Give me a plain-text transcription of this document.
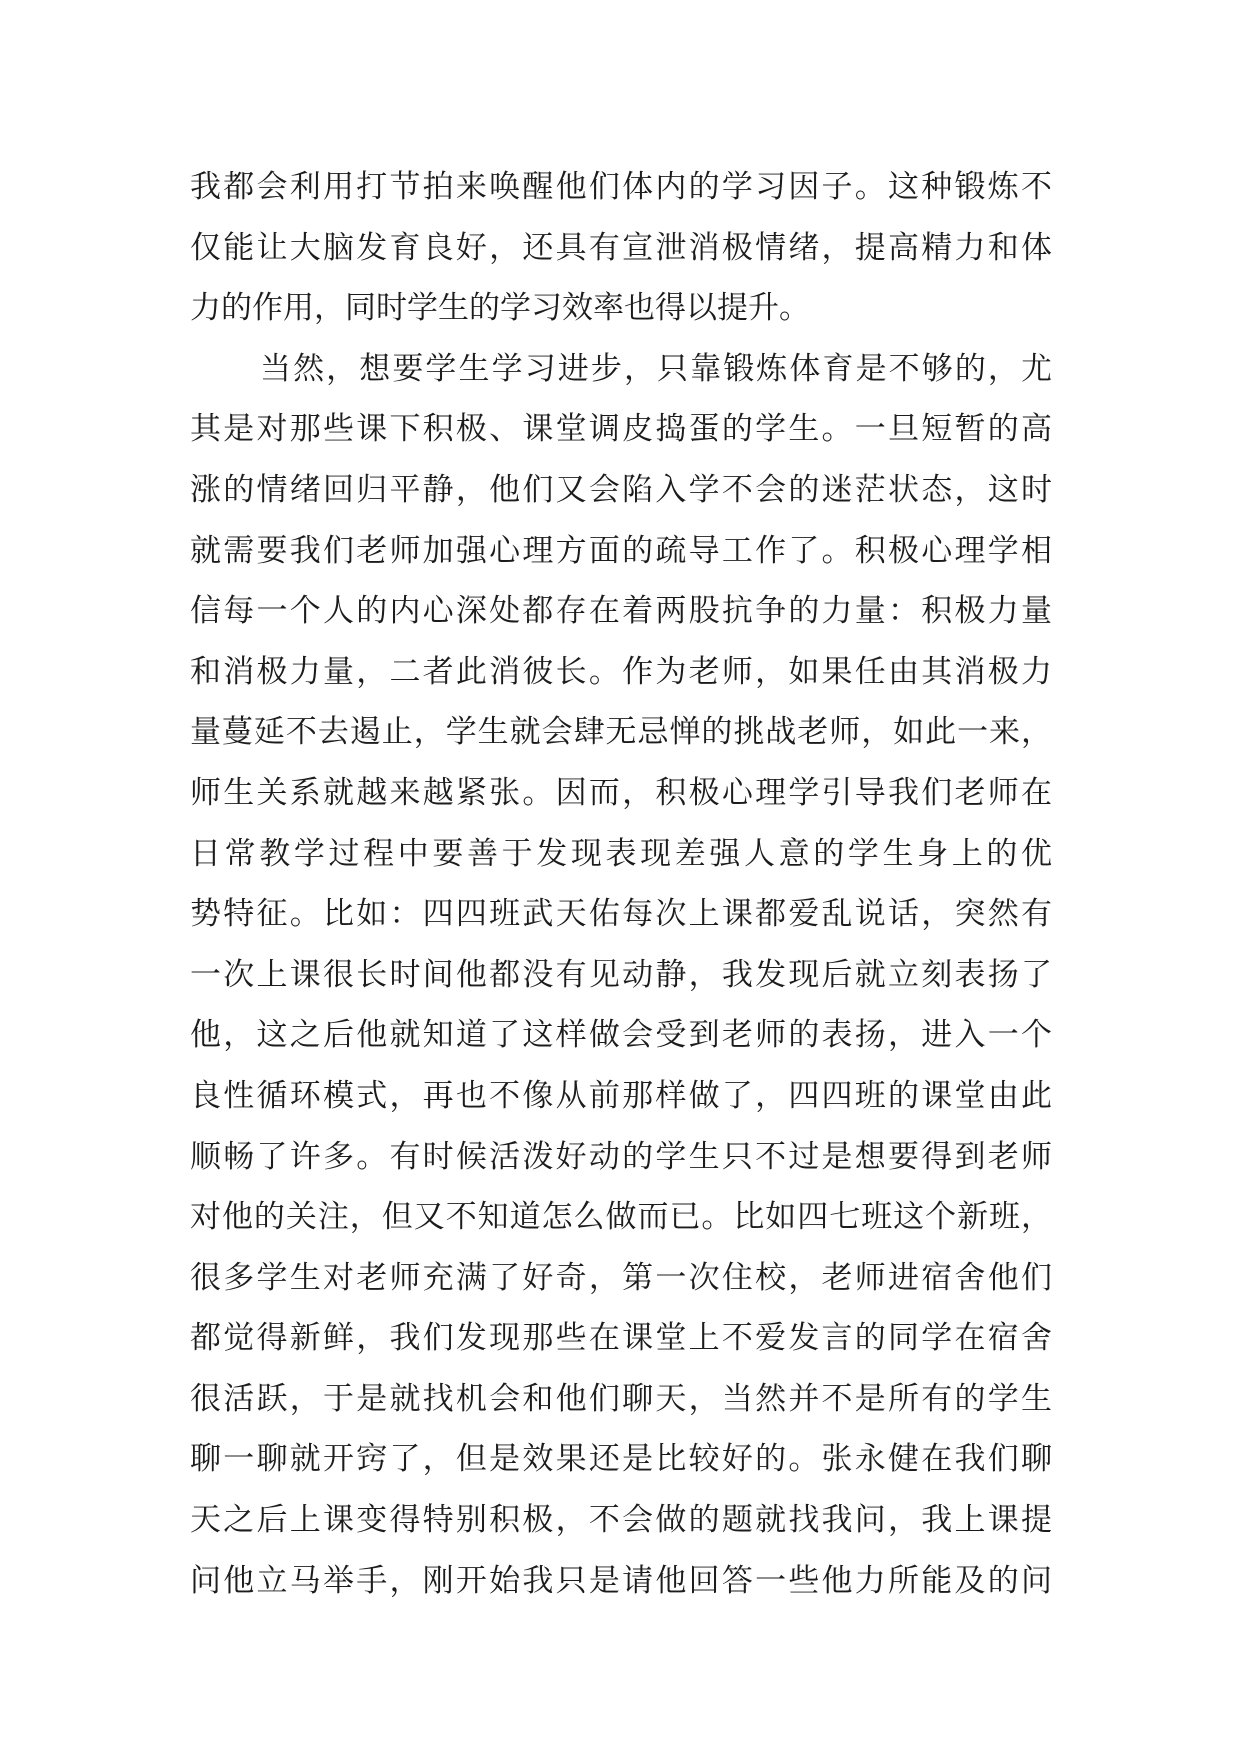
我都会利用打节拍来唤醒他们体内的学习因子。这种锻炼不
仅能让大脑发育良好，还具有宣泄消极情绪，提高精力和体
力的作用，同时学生的学习效率也得以提升。
当然，想要学生学习进步，只靠锻炼体育是不够的，尤
其是对那些课下积极、课堂调皮捣蛋的学生。一旦短暂的高
涨的情绪回归平静，他们又会陷入学不会的迷茫状态，这时
就需要我们老师加强心理方面的疏导工作了。积极心理学相
信每一个人的内心深处都存在着两股抗争的力量：积极力量
和消极力量，二者此消彼长。作为老师，如果任由其消极力
量蔓延不去遏止，学生就会肆无忌惮的挑战老师，如此一来，
师生关系就越来越紧张。因而，积极心理学引导我们老师在
日常教学过程中要善于发现表现差强人意的学生身上的优
势特征。比如：四四班武天佑每次上课都爱乱说话，突然有
一次上课很长时间他都没有见动静，我发现后就立刻表扬了
他，这之后他就知道了这样做会受到老师的表扬，进入一个
良性循环模式，再也不像从前那样做了，四四班的课堂由此
顺畅了许多。有时候活泼好动的学生只不过是想要得到老师
对他的关注，但又不知道怎么做而已。比如四七班这个新班，
很多学生对老师充满了好奇，第一次住校，老师进宿舍他们
都觉得新鲜，我们发现那些在课堂上不爱发言的同学在宿舍
很活跃，于是就找机会和他们聊天，当然并不是所有的学生
聊一聊就开窍了，但是效果还是比较好的。张永健在我们聊
天之后上课变得特别积极，不会做的题就找我问，我上课提
问他立马举手，刚开始我只是请他回答一些他力所能及的问
